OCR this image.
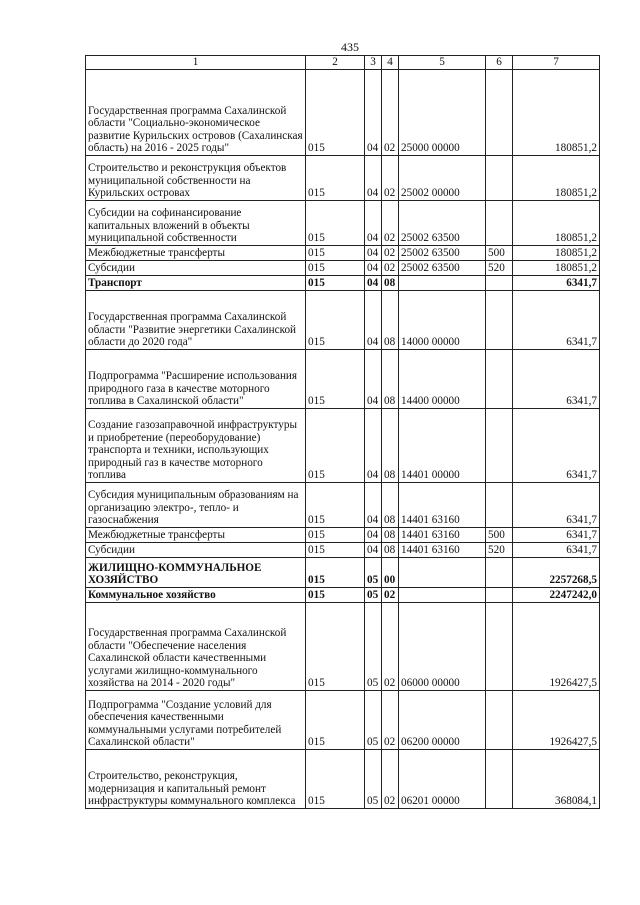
435
1	2	3	4	5	6	7
Государственная программа Сахалинской области "Социально-экономическое развитие Курильских островов (Сахалинская область) на 2016 - 2025 годы"	015	04	02	25000 00000		180851,2
Строительство и реконструкция объектов муниципальной собственности на Курильских островах	015	04	02	25002 00000		180851,2
Субсидии на софинансирование капитальных вложений в объекты муниципальной собственности	015	04	02	25002 63500		180851,2
Межбюджетные трансферты	015	04	02	25002 63500	500	180851,2
Субсидии	015	04	02	25002 63500	520	180851,2
Транспорт	015	04	08			6341,7
Государственная программа Сахалинской области "Развитие энергетики Сахалинской области до 2020 года"	015	04	08	14000 00000		6341,7
Подпрограмма "Расширение использования природного газа в качестве моторного топлива в Сахалинской области"	015	04	08	14400 00000		6341,7
Создание газозаправочной инфраструктуры и приобретение (переоборудование) транспорта и техники, использующих природный газ в качестве моторного топлива	015	04	08	14401 00000		6341,7
Субсидия муниципальным образованиям на организацию электро-, тепло- и газоснабжения	015	04	08	14401 63160		6341,7
Межбюджетные трансферты	015	04	08	14401 63160	500	6341,7
Субсидии	015	04	08	14401 63160	520	6341,7
ЖИЛИЩНО-КОММУНАЛЬНОЕ ХОЗЯЙСТВО	015	05	00			2257268,5
Коммунальное хозяйство	015	05	02			2247242,0
Государственная программа Сахалинской области "Обеспечение населения Сахалинской области качественными услугами жилищно-коммунального хозяйства на 2014 - 2020 годы"	015	05	02	06000 00000		1926427,5
Подпрограмма "Создание условий для обеспечения качественными коммунальными услугами потребителей Сахалинской области"	015	05	02	06200 00000		1926427,5
Строительство, реконструкция, модернизация и капитальный ремонт инфраструктуры коммунального комплекса	015	05	02	06201 00000		368084,1
